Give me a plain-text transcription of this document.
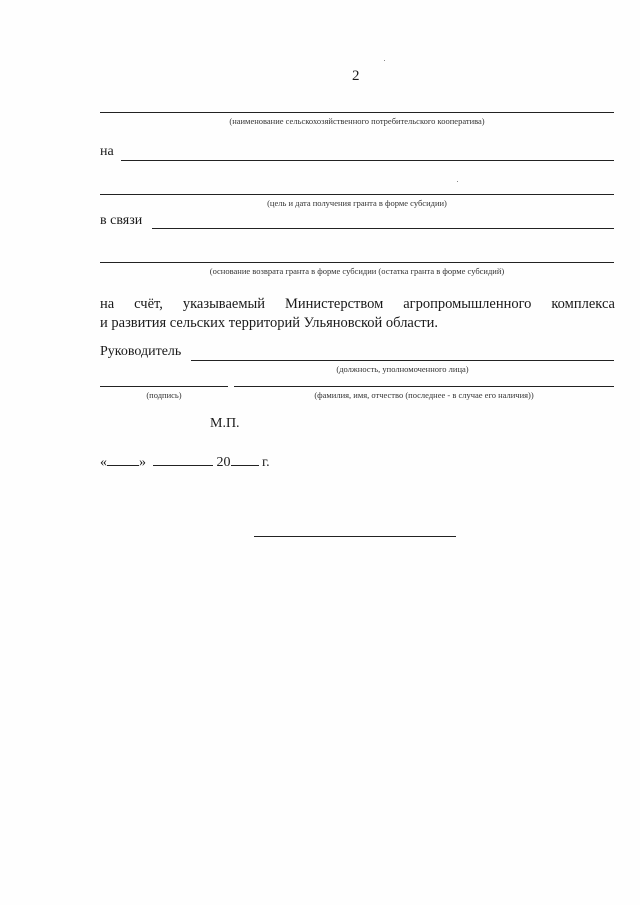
2
(наименование сельскохозяйственного потребительского кооператива)
на
(цель и дата получения гранта в форме субсидии)
в связи
(основание возврата гранта в форме субсидии (остатка гранта в форме субсидий)
на счёт, указываемый Министерством агропромышленного комплекса
и развития сельских территорий Ульяновской области.
Руководитель
(должность, уполномоченного лица)
(подпись)	(фамилия, имя, отчество (последнее - в случае его наличия))
М.П.
« »	20 г.
